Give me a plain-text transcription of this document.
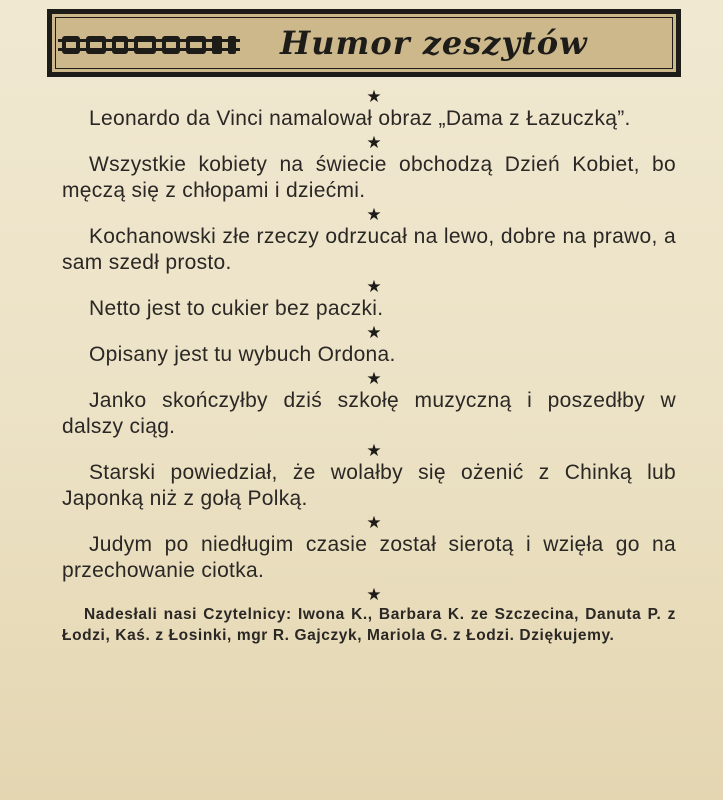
Humor zeszytów
★
Leonardo da Vinci namalował obraz „Dama z Łazuczką”.
★
Wszystkie kobiety na świecie obchodzą Dzień Kobiet, bo męczą się z chłopami i dziećmi.
★
Kochanowski złe rzeczy odrzucał na lewo, dobre na prawo, a sam szedł prosto.
★
Netto jest to cukier bez paczki.
★
Opisany jest tu wybuch Ordona.
★
Janko skończyłby dziś szkołę muzyczną i poszedłby w dalszy ciąg.
★
Starski powiedział, że wolałby się ożenić z Chinką lub Japonką niż z gołą Polką.
★
Judym po niedługim czasie został sierotą i wzięła go na przechowanie ciotka.
★
Nadesłali nasi Czytelnicy: Iwona K., Barbara K. ze Szczecina, Danuta P. z Łodzi, Kaś. z Łosinki, mgr R. Gajczyk, Mariola G. z Łodzi. Dziękujemy.
